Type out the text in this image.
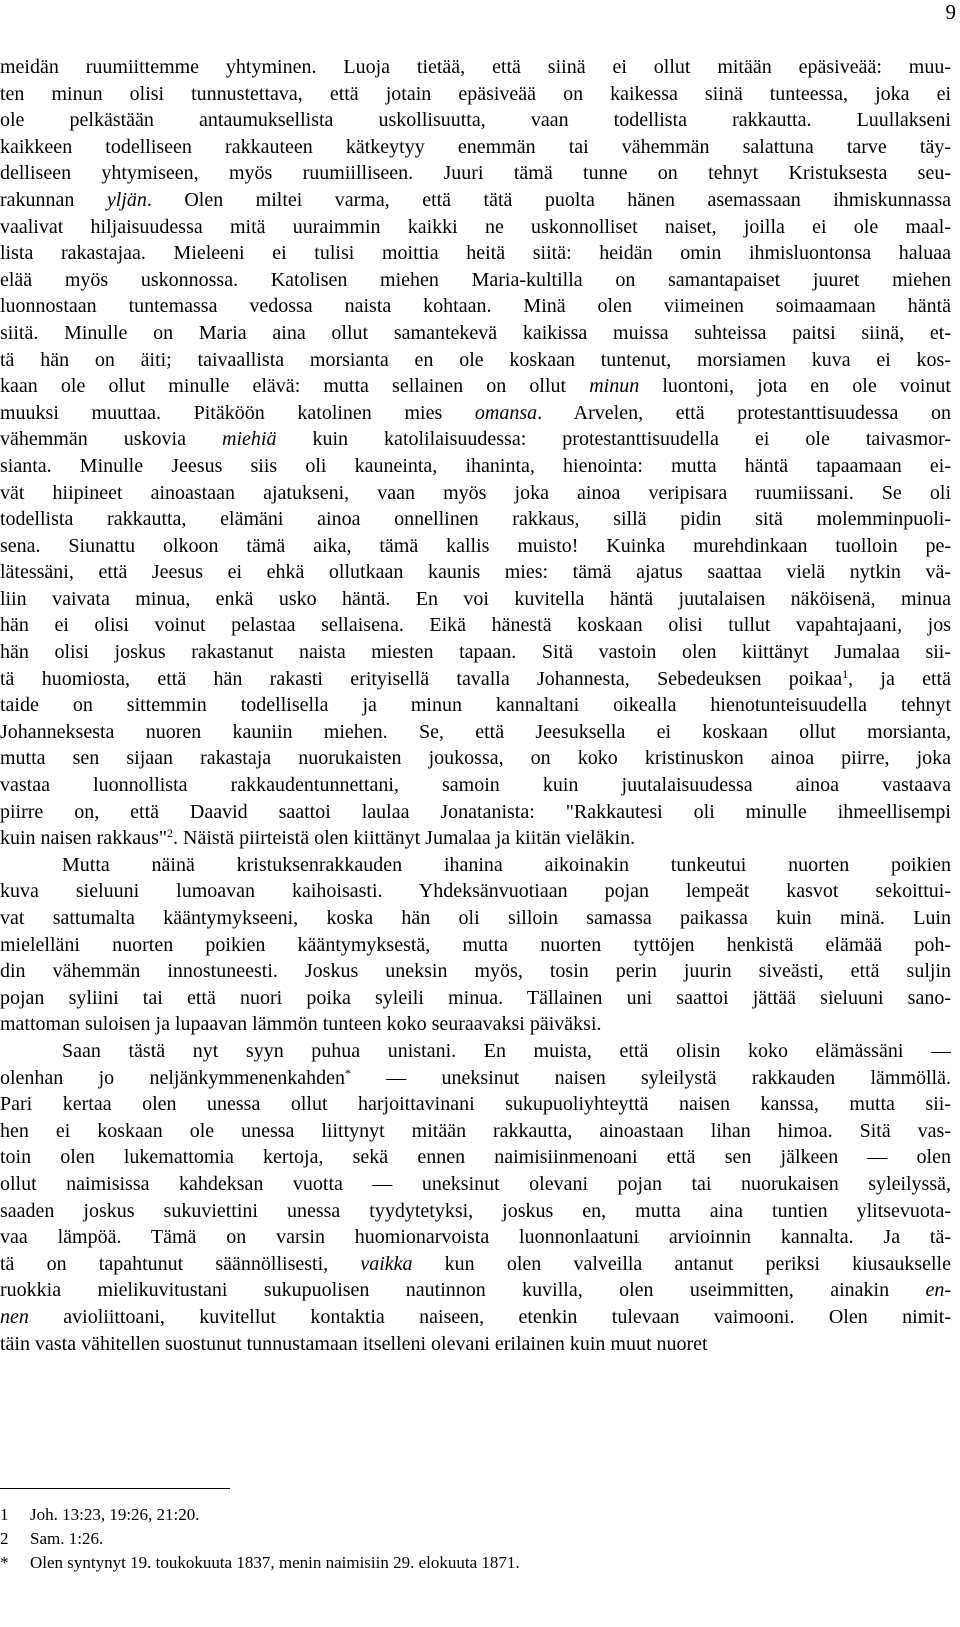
9
meidän ruumiittemme yhtyminen. Luoja tietää, että siinä ei ollut mitään epäsiveää: muu-
ten minun olisi tunnustettava, että jotain epäsiveää on kaikessa siinä tunteessa, joka ei
ole pelkästään antaumuksellista uskollisuutta, vaan todellista rakkautta. Luullakseni
kaikkeen todelliseen rakkauteen kätkeytyy enemmän tai vähemmän salattuna tarve täy-
delliseen yhtymiseen, myös ruumiilliseen. Juuri tämä tunne on tehnyt Kristuksesta seu-
rakunnan yljän. Olen miltei varma, että tätä puolta hänen asemassaan ihmiskunnassa
vaalivat hiljaisuudessa mitä uuraimmin kaikki ne uskonnolliset naiset, joilla ei ole maal-
lista rakastajaa. Mieleeni ei tulisi moittia heitä siitä: heidän omin ihmisluontonsa haluaa
elää myös uskonnossa. Katolisen miehen Maria-kultilla on samantapaiset juuret miehen
luonnostaan tuntemassa vedossa naista kohtaan. Minä olen viimeinen soimaamaan häntä
siitä. Minulle on Maria aina ollut samantekevä kaikissa muissa suhteissa paitsi siinä, et-
tä hän on äiti; taivaallista morsianta en ole koskaan tuntenut, morsiamen kuva ei kos-
kaan ole ollut minulle elävä: mutta sellainen on ollut minun luontoni, jota en ole voinut
muuksi muuttaa. Pitäköön katolinen mies omansa. Arvelen, että protestanttisuudessa on
vähemmän uskovia miehiä kuin katolilaisuudessa: protestanttisuudella ei ole taivasmor-
sianta. Minulle Jeesus siis oli kauneinta, ihaninta, hienointa: mutta häntä tapaamaan ei-
vät hiipineet ainoastaan ajatukseni, vaan myös joka ainoa veripisara ruumiissani. Se oli
todellista rakkautta, elämäni ainoa onnellinen rakkaus, sillä pidin sitä molemminpuoli-
sena. Siunattu olkoon tämä aika, tämä kallis muisto! Kuinka murehdinkaan tuolloin pe-
lätessäni, että Jeesus ei ehkä ollutkaan kaunis mies: tämä ajatus saattaa vielä nytkin vä-
liin vaivata minua, enkä usko häntä. En voi kuvitella häntä juutalaisen näköisenä, minua
hän ei olisi voinut pelastaa sellaisena. Eikä hänestä koskaan olisi tullut vapahtajaani, jos
hän olisi joskus rakastanut naista miesten tapaan. Sitä vastoin olen kiittänyt Jumalaa sii-
tä huomiosta, että hän rakasti erityisellä tavalla Johannesta, Sebedeuksen poikaa$^1$, ja että
taide on sittemmin todellisella ja minun kannaltani oikealla hienotunteisuudella tehnyt
Johanneksesta nuoren kauniin miehen. Se, että Jeesuksella ei koskaan ollut morsianta,
mutta sen sijaan rakastaja nuorukaisten joukossa, on koko kristinuskon ainoa piirre, joka
vastaa luonnollista rakkaudentunnettani, samoin kuin juutalaisuudessa ainoa vastaava
piirre on, että Daavid saattoi laulaa Jonatanista: "Rakkautesi oli minulle ihmeellisempi
kuin naisen rakkaus"$^2$. Näistä piirteistä olen kiittänyt Jumalaa ja kiitän vieläkin.
Mutta näinä kristuksenrakkauden ihanina aikoinakin tunkeutui nuorten poikien
kuva sieluuni lumoavan kaihoisasti. Yhdeksänvuotiaan pojan lempeät kasvot sekoittui-
vat sattumalta kääntymykseeni, koska hän oli silloin samassa paikassa kuin minä. Luin
mielelläni nuorten poikien kääntymyksestä, mutta nuorten tyttöjen henkistä elämää poh-
din vähemmän innostuneesti. Joskus uneksin myös, tosin perin juurin siveästi, että suljin
pojan syliini tai että nuori poika syleili minua. Tällainen uni saattoi jättää sieluuni sano-
mattoman suloisen ja lupaavan lämmön tunteen koko seuraavaksi päiväksi.
Saan tästä nyt syyn puhua unistani. En muista, että olisin koko elämässäni —
olenhan jo neljänkymmenenkahden* — uneksinut naisen syleilystä rakkauden lämmöllä.
Pari kertaa olen unessa ollut harjoittavinani sukupuoliyhteyttä naisen kanssa, mutta sii-
hen ei koskaan ole unessa liittynyt mitään rakkautta, ainoastaan lihan himoa. Sitä vas-
toin olen lukemattomia kertoja, sekä ennen naimisiinmenoani että sen jälkeen — olen
ollut naimisissa kahdeksan vuotta — uneksinut olevani pojan tai nuorukaisen syleilyssä,
saaden joskus sukuviettini unessa tyydytetyksi, joskus en, mutta aina tuntien ylitsevuota-
vaa lämpöä. Tämä on varsin huomionarvoista luonnonlaatuni arvioinnin kannalta. Ja tä-
tä on tapahtunut säännöllisesti, vaikka kun olen valveilla antanut periksi kiusaukselle
ruokkia mielikuvitustani sukupuolisen nautinnon kuvilla, olen useimmitten, ainakin en-
nen avioliittoani, kuvitellut kontaktia naiseen, etenkin tulevaan vaimooni. Olen nimit-
täin vasta vähitellen suostunut tunnustamaan itselleni olevani erilainen kuin muut nuoret
1 Joh. 13:23, 19:26, 21:20.
2 Sam. 1:26.
* Olen syntynyt 19. toukokuuta 1837, menin naimisiin 29. elokuuta 1871.
